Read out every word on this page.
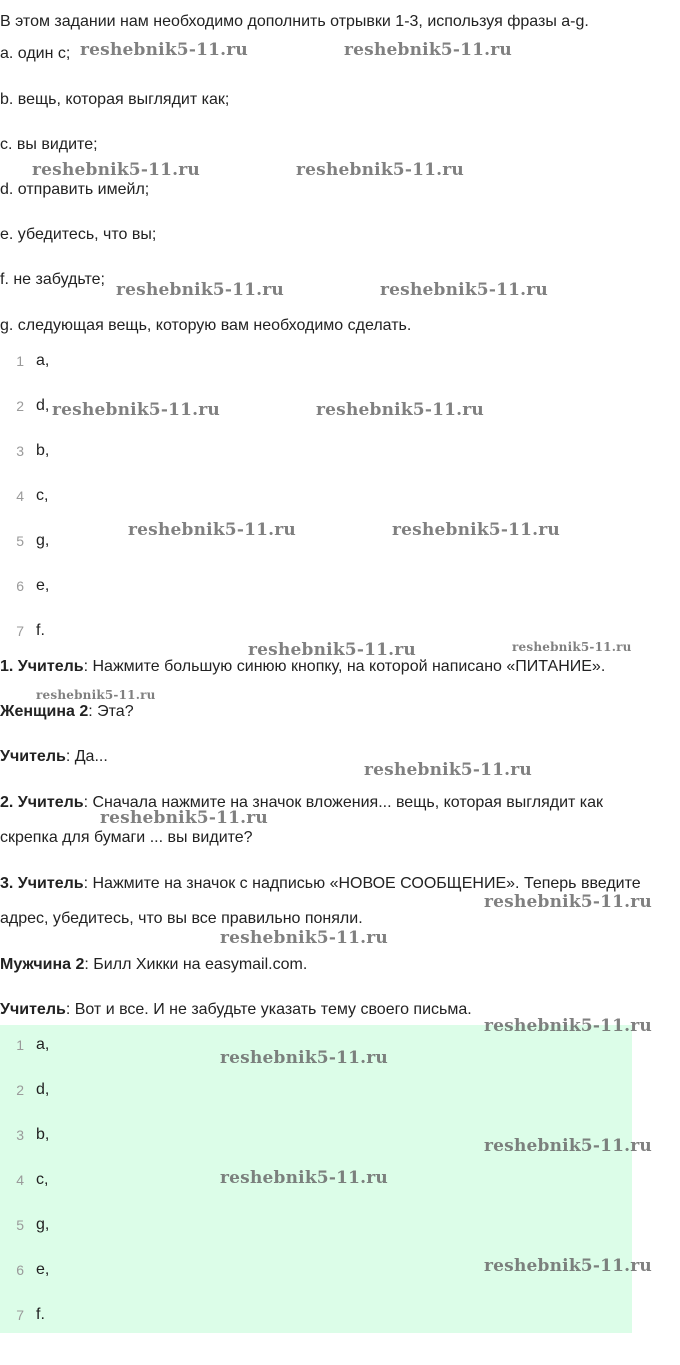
В этом задании нам необходимо дополнить отрывки 1-3, используя фразы a-g.

a. один с;

b. вещь, которая выглядит как;

c. вы видите;

d. отправить имейл;

e. убедитесь, что вы;

f. не забудьте;

g. следующая вещь, которую вам необходимо сделать.

1 a,
2 d,
3 b,
4 c,
5 g,
6 e,
7 f.

1. Учитель: Нажмите большую синюю кнопку, на которой написано «ПИТАНИЕ».

Женщина 2: Эта?

Учитель: Да...

2. Учитель: Сначала нажмите на значок вложения... вещь, которая выглядит как

скрепка для бумаги ... вы видите?

3. Учитель: Нажмите на значок с надписью «НОВОЕ СООБЩЕНИЕ». Теперь введите

адрес, убедитесь, что вы все правильно поняли.

Мужчина 2: Билл Хикки на easymail.com.

Учитель: Вот и все. И не забудьте указать тему своего письма.

1 a,
2 d,
3 b,
4 c,
5 g,
6 e,
7 f.
reshebnik5-11.ru	reshebnik5-11.ru
reshebnik5-11.ru	reshebnik5-11.ru
reshebnik5-11.ru	reshebnik5-11.ru
reshebnik5-11.ru	reshebnik5-11.ru
reshebnik5-11.ru	reshebnik5-11.ru
reshebnik5-11.ru	reshebnik5-11.ru
reshebnik5-11.ru
reshebnik5-11.ru
reshebnik5-11.ru
reshebnik5-11.ru
reshebnik5-11.ru
reshebnik5-11.ru
reshebnik5-11.ru
reshebnik5-11.ru
reshebnik5-11.ru
reshebnik5-11.ru
